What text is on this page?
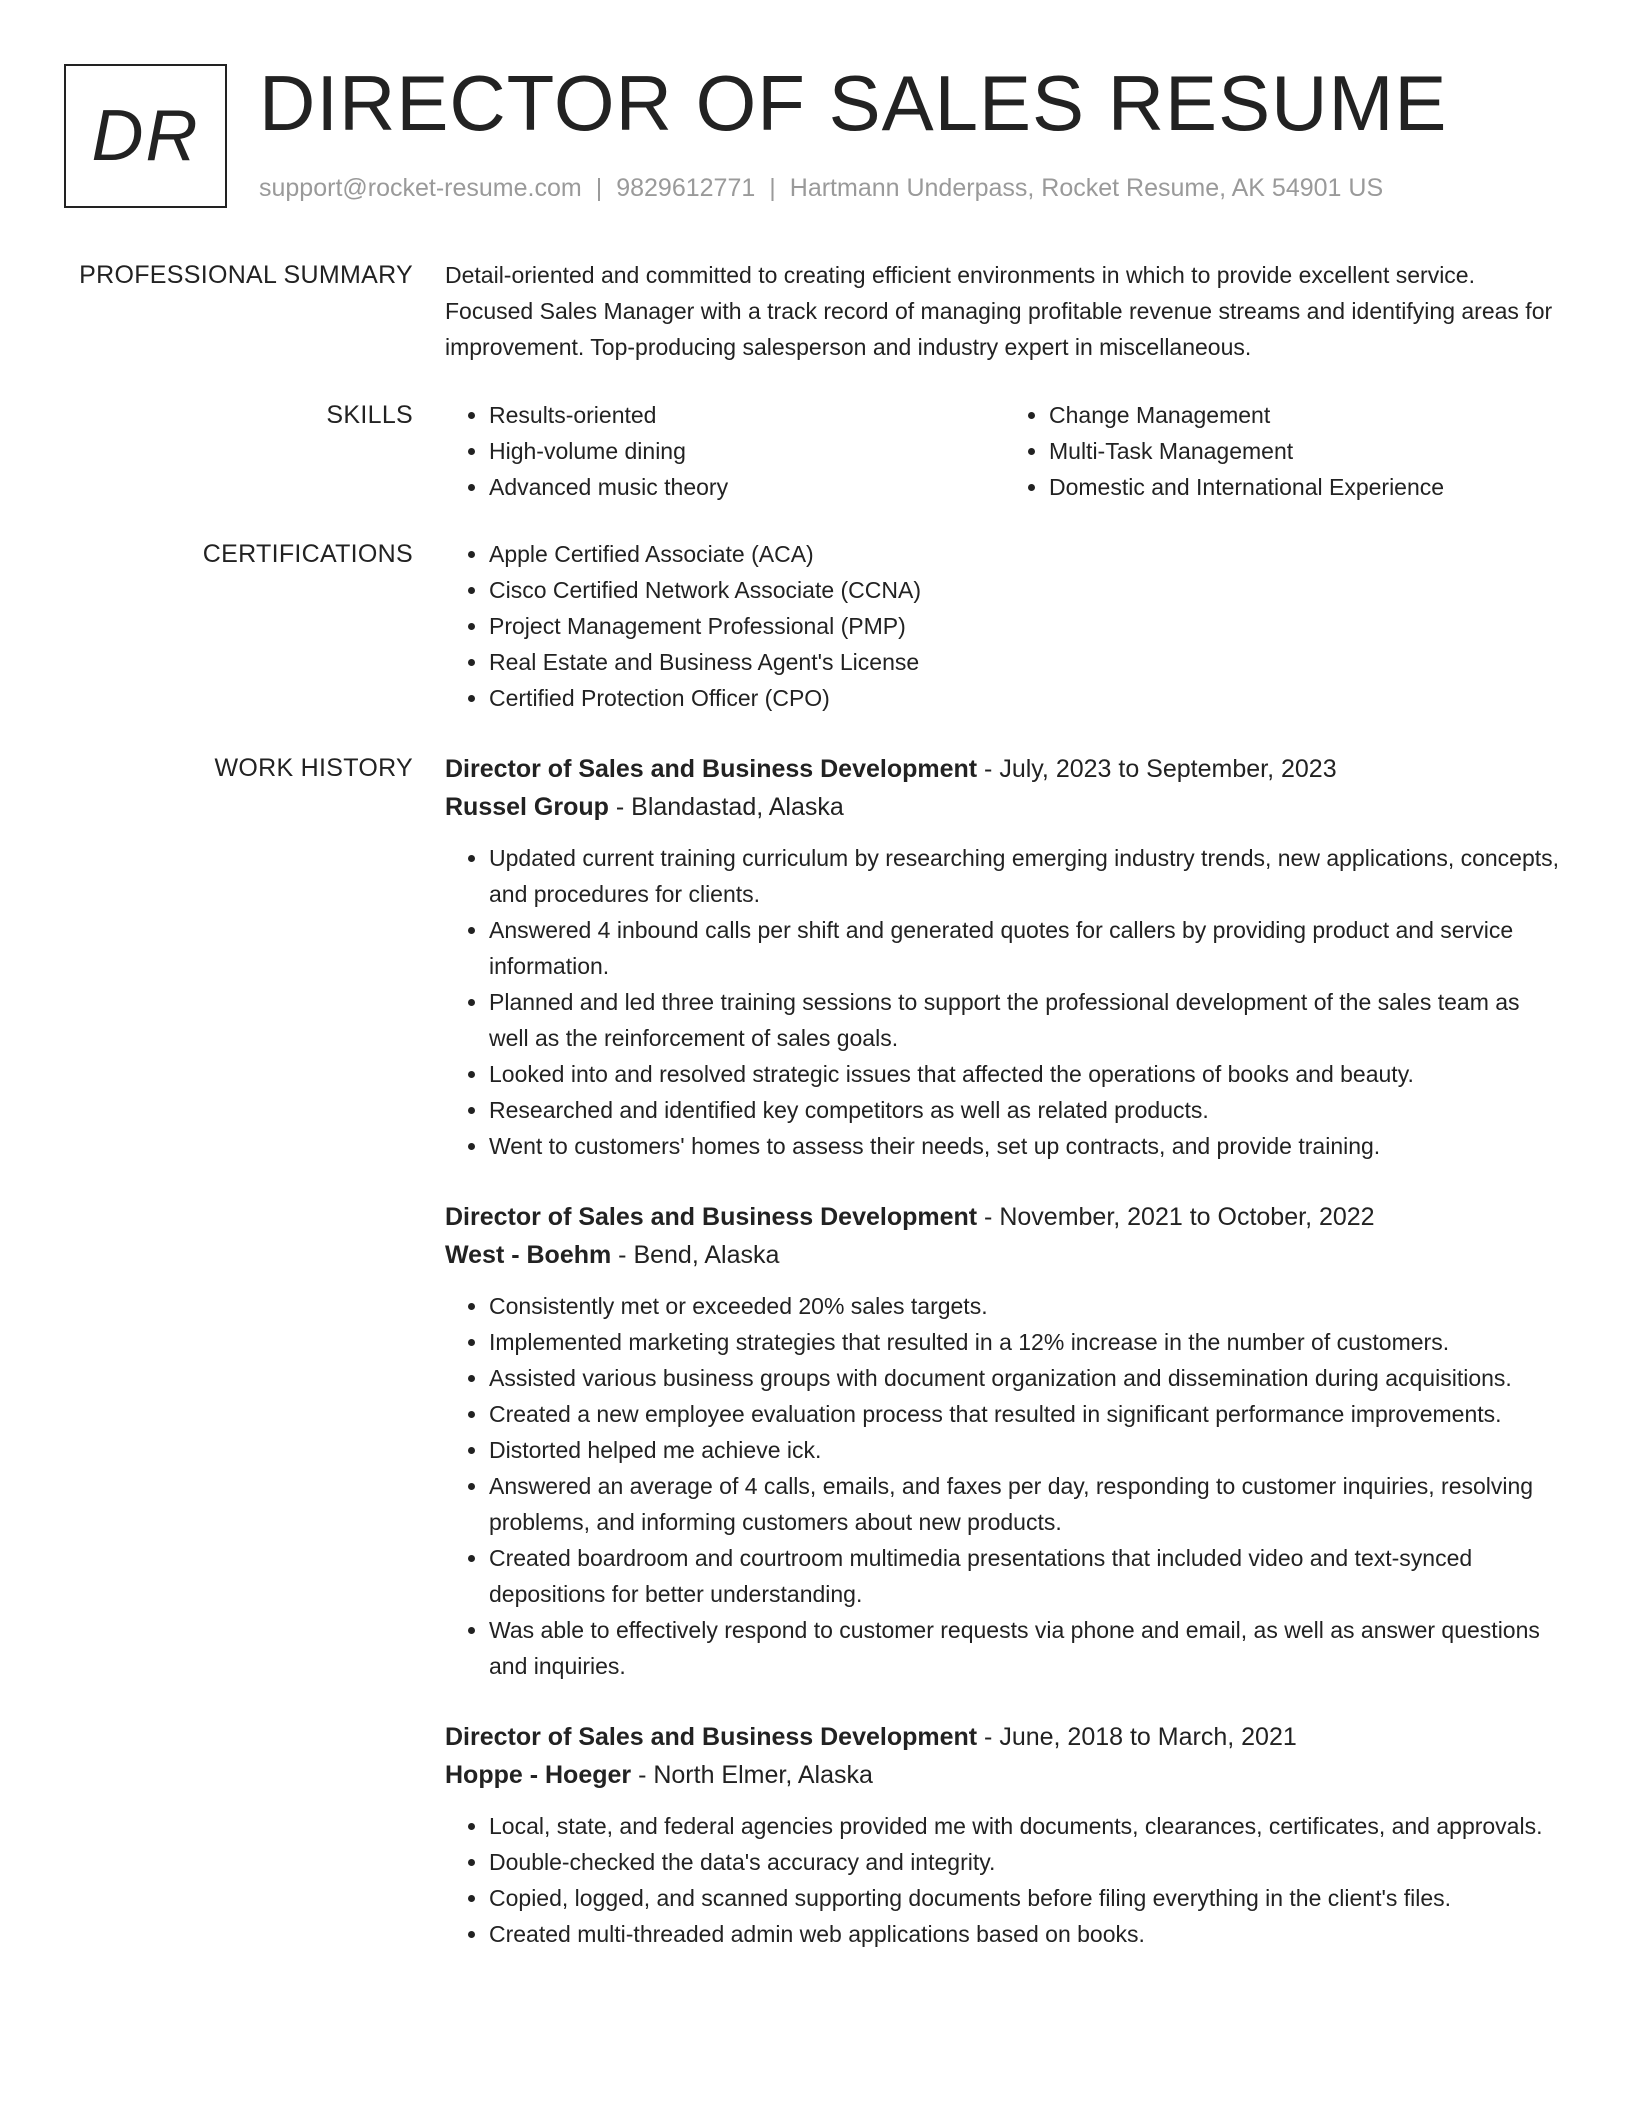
DR DIRECTOR OF SALES RESUME
support@rocket-resume.com | 9829612771 | Hartmann Underpass, Rocket Resume, AK 54901 US
PROFESSIONAL SUMMARY Detail-oriented and committed to creating efficient environments in which to provide excellent service. Focused Sales Manager with a track record of managing profitable revenue streams and identifying areas for improvement. Top-producing salesperson and industry expert in miscellaneous.

SKILLS	• Results-oriented
• High-volume dining
• Advanced music theory
• Change Management
• Multi-Task Management
• Domestic and International Experience
CERTIFICATIONS	• Apple Certified Associate (ACA)
• Cisco Certified Network Associate (CCNA)
• Project Management Professional (PMP)
• Real Estate and Business Agent's License
• Certified Protection Officer (CPO)
WORK HISTORY Director of Sales and Business Development - July, 2023 to September, 2023
Russel Group - Blandastad, Alaska
• Updated current training curriculum by researching emerging industry trends, new applications, concepts, and procedures for clients.
• Answered 4 inbound calls per shift and generated quotes for callers by providing product and service information.
• Planned and led three training sessions to support the professional development of the sales team as well as the reinforcement of sales goals.
• Looked into and resolved strategic issues that affected the operations of books and beauty.
• Researched and identified key competitors as well as related products.
• Went to customers' homes to assess their needs, set up contracts, and provide training.
Director of Sales and Business Development - November, 2021 to October, 2022
West - Boehm - Bend, Alaska
• Consistently met or exceeded 20% sales targets.
• Implemented marketing strategies that resulted in a 12% increase in the number of customers.
• Assisted various business groups with document organization and dissemination during acquisitions.
• Created a new employee evaluation process that resulted in significant performance improvements.
• Distorted helped me achieve ick.
• Answered an average of 4 calls, emails, and faxes per day, responding to customer inquiries, resolving problems, and informing customers about new products.
• Created boardroom and courtroom multimedia presentations that included video and text-synced depositions for better understanding.
• Was able to effectively respond to customer requests via phone and email, as well as answer questions and inquiries.
Director of Sales and Business Development - June, 2018 to March, 2021
Hoppe - Hoeger - North Elmer, Alaska
• Local, state, and federal agencies provided me with documents, clearances, certificates, and approvals.
• Double-checked the data's accuracy and integrity.
• Copied, logged, and scanned supporting documents before filing everything in the client's files.
• Created multi-threaded admin web applications based on books.
